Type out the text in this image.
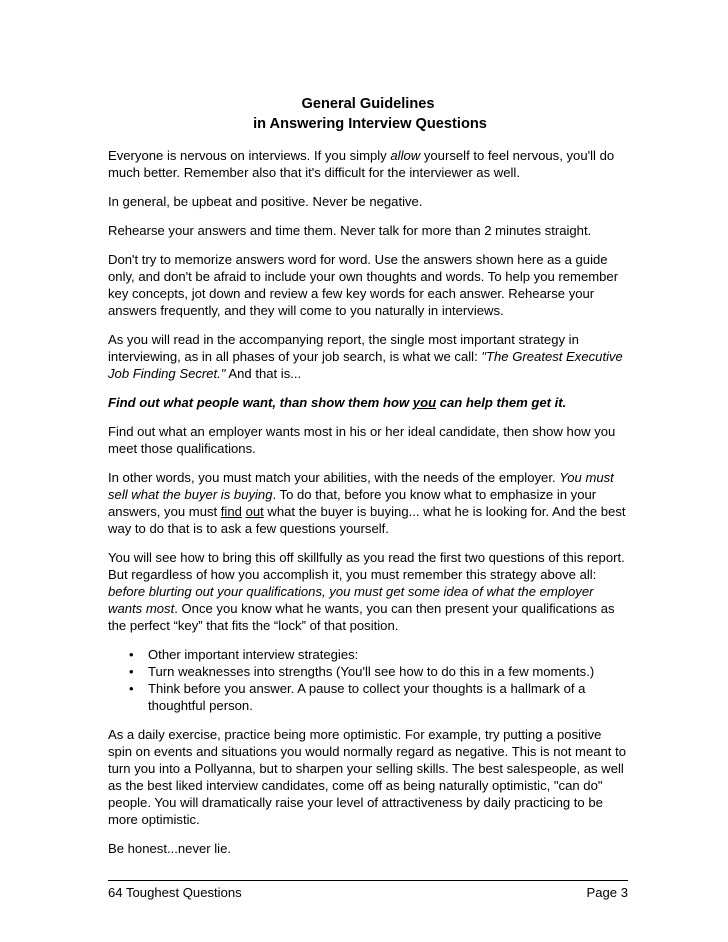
General Guidelines
in Answering Interview Questions

Everyone is nervous on interviews. If you simply allow yourself to feel nervous, you'll do much better. Remember also that it's difficult for the interviewer as well.

In general, be upbeat and positive. Never be negative.

Rehearse your answers and time them. Never talk for more than 2 minutes straight.

Don't try to memorize answers word for word. Use the answers shown here as a guide only, and don't be afraid to include your own thoughts and words. To help you remember key concepts, jot down and review a few key words for each answer. Rehearse your answers frequently, and they will come to you naturally in interviews.

As you will read in the accompanying report, the single most important strategy in interviewing, as in all phases of your job search, is what we call: "The Greatest Executive Job Finding Secret." And that is...

Find out what people want, than show them how you can help them get it.

Find out what an employer wants most in his or her ideal candidate, then show how you meet those qualifications.

In other words, you must match your abilities, with the needs of the employer. You must sell what the buyer is buying. To do that, before you know what to emphasize in your answers, you must find out what the buyer is buying... what he is looking for. And the best way to do that is to ask a few questions yourself.

You will see how to bring this off skillfully as you read the first two questions of this report. But regardless of how you accomplish it, you must remember this strategy above all: before blurting out your qualifications, you must get some idea of what the employer wants most. Once you know what he wants, you can then present your qualifications as the perfect “key” that fits the “lock” of that position.

• Other important interview strategies:
• Turn weaknesses into strengths (You'll see how to do this in a few moments.)
• Think before you answer. A pause to collect your thoughts is a hallmark of a thoughtful person.

As a daily exercise, practice being more optimistic. For example, try putting a positive spin on events and situations you would normally regard as negative. This is not meant to turn you into a Pollyanna, but to sharpen your selling skills. The best salespeople, as well as the best liked interview candidates, come off as being naturally optimistic, "can do" people. You will dramatically raise your level of attractiveness by daily practicing to be more optimistic.

Be honest...never lie.

64 Toughest Questions	Page 3
